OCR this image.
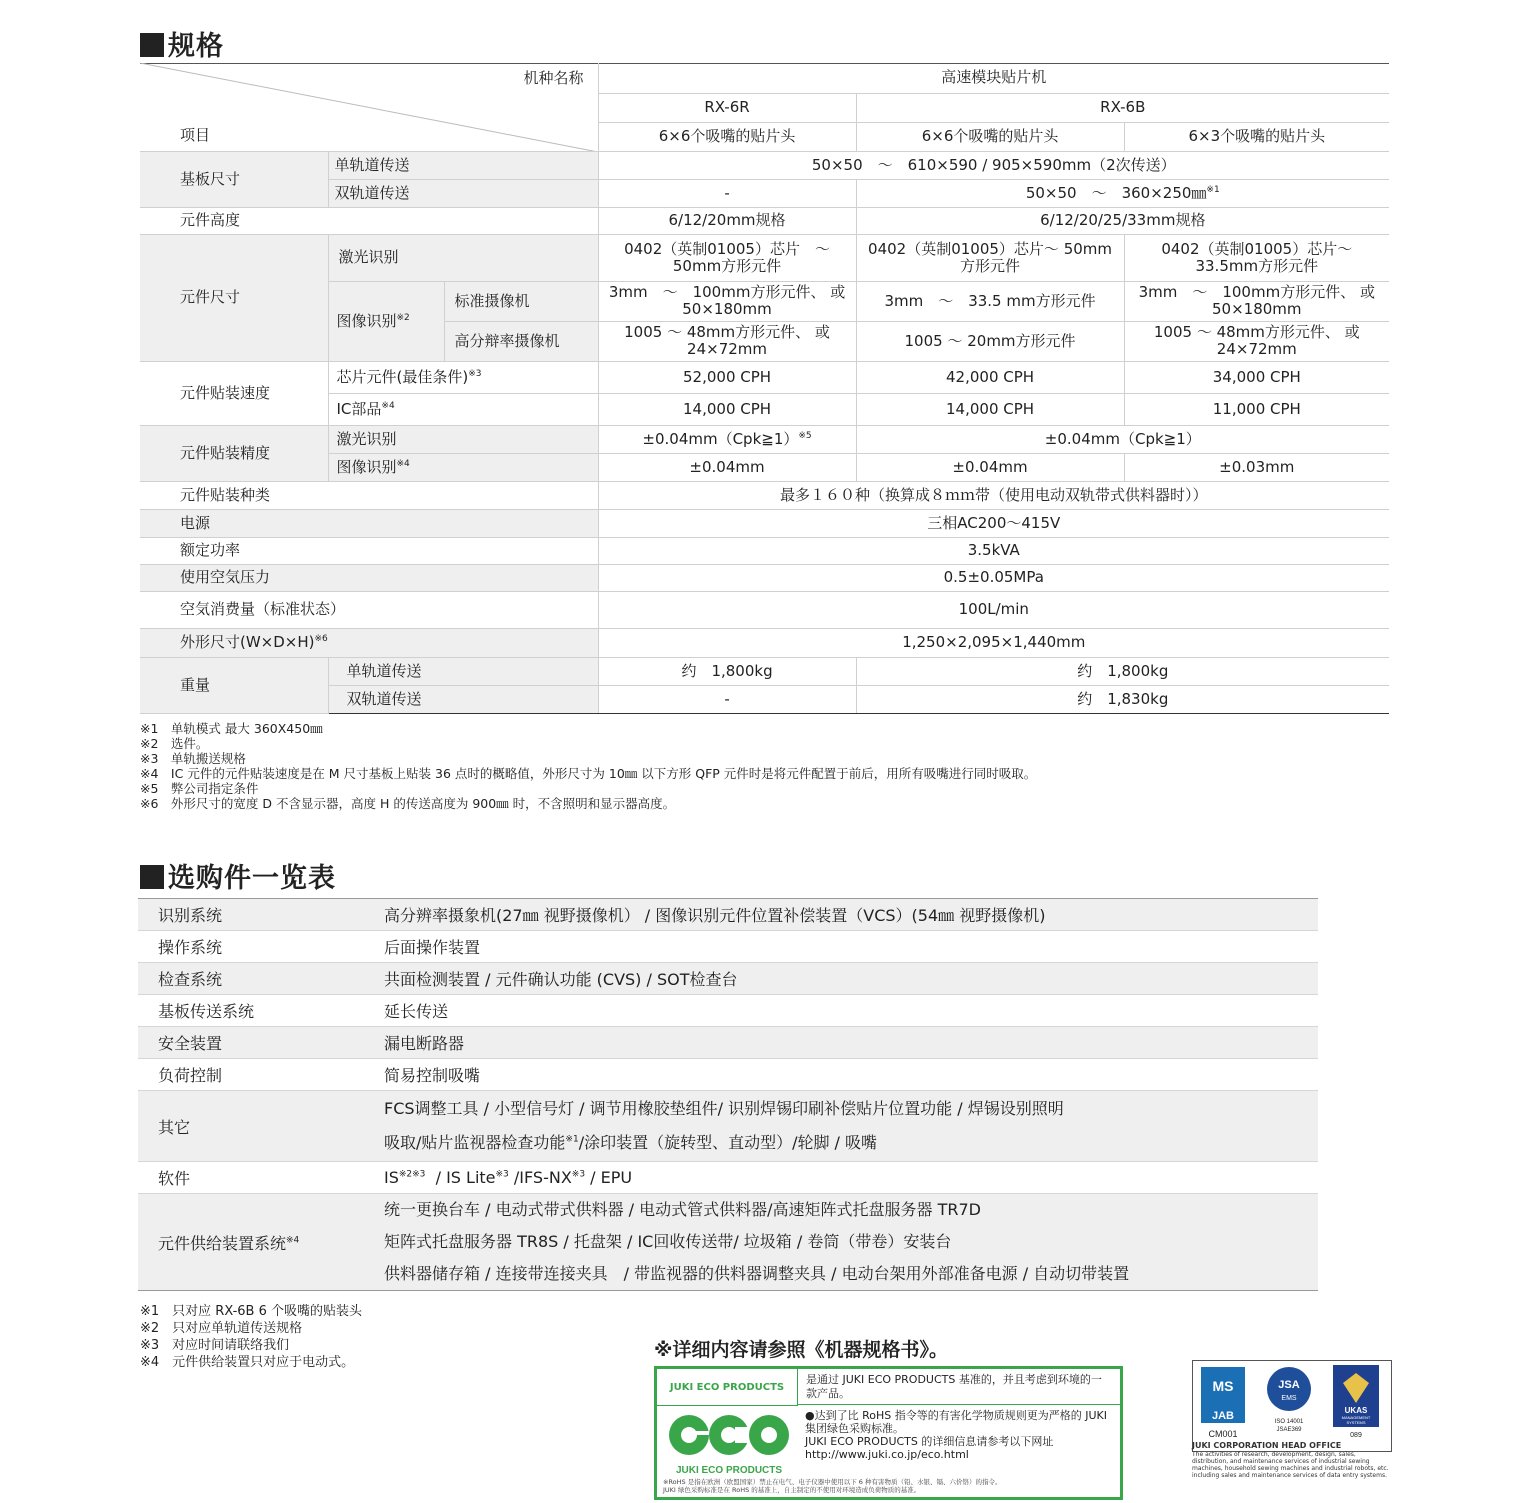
规格
机种名称
项目			高速模块贴片机		
			RX-6R	RX-6B	
			6×6个吸嘴的贴片头	6×6个吸嘴的贴片头	6×3个吸嘴的贴片头
基板尺寸	单轨道传送		50×50　～　610×590 / 905×590mm（2次传送）		
	双轨道传送		-	50×50　～　360×250㎜$^{※1}$
元件高度			6/12/20mm规格	6/12/20/25/33mm规格	
元件尺寸	激光识别		0402（英制01005）芯片　～ 50mm方形元件	0402（英制01005）芯片～ 50mm方形元件	0402（英制01005）芯片～ 33.5mm方形元件
	图像识别$^{※2}$	标准摄像机	3mm　～　100mm方形元件、 或 50×180mm	3mm　～　33.5 mm方形元件	3mm　～　100mm方形元件、 或 50×180mm
		高分辩率摄像机	1005 ～ 48mm方形元件、 或 24×72mm	1005 ～ 20mm方形元件	1005 ～ 48mm方形元件、 或 24×72mm
元件贴装速度	芯片元件(最佳条件)$^{※3}$		52,000 CPH	42,000 CPH	34,000 CPH
	IC部品$^{※4}$		14,000 CPH	14,000 CPH	11,000 CPH
元件贴装精度	激光识别		±0.04mm（Cpk≧1）$^{※5}$	±0.04mm（Cpk≧1）	
	图像识别$^{※4}$		±0.04mm	±0.04mm	±0.03mm
元件贴装种类			最多１６０种（换算成８ｍｍ带（使用电动双轨带式供料器时））		
电源			三相AC200～415V		
额定功率			3.5kVA		
使用空気压力			0.5±0.05MPa		
空気消费量（标准状态）			100L/min		
外形尺寸$(W\times D\times H)^{※6}$			1,250×2,095×1,440mm		
重量	单轨道传送		约　1,800kg	约　1,800kg	
	双轨道传送		-	约　1,830kg	
※1　单轨模式 最大 360X450㎜
※2　选件。
※3　单轨搬送规格
※4　IC 元件的元件贴装速度是在 M 尺寸基板上贴装 36 点时的概略值，外形尺寸为 10㎜ 以下方形 QFP 元件时是将元件配置于前后，用所有吸嘴进行同时吸取。
※5　弊公司指定条件
※6　外形尺寸的宽度 D 不含显示器，高度 H 的传送高度为 900㎜ 时，不含照明和显示器高度。
选购件一览表
识别系统	高分辨率摄象机(27㎜ 视野摄像机） / 图像识别元件位置补偿装置（VCS）(54㎜ 视野摄像机)
操作系统	后面操作装置
检查系统	共面检测装置 / 元件确认功能 (CVS) / SOT检查台
基板传送系统	延长传送
安全装置	漏电断路器
负荷控制	简易控制吸嘴
其它	FCS调整工具 / 小型信号灯 / 调节用橡胶垫组件/ 识别焊锡印刷补偿贴片位置功能 / 焊锡设别照明
吸取/贴片监视器检查功能$^{※1}$/涂印装置（旋转型、直动型）/轮脚 / 吸嘴

软件	$IS^{※2※3}$ / IS Lite$^{※3}$ /IFS-NX$^{※3}$ / EPU
元件供给装置系统$^{※4}$	统一更换台车 / 电动式带式供料器 / 电动式管式供料器/高速矩阵式托盘服务器 TR7D
矩阵式托盘服务器 TR8S / 托盘架 / IC回收传送带/ 垃圾箱 / 卷筒（带卷）安装台
供料器储存箱 / 连接带连接夹具　/ 带监视器的供料器调整夹具 / 电动台架用外部准备电源 / 自动切带装置
※1　只对应 RX-6B 6 个吸嘴的贴装头
※2　只对应单轨道传送规格
※3　对应时间请联络我们
※4　元件供给装置只对应于电动式。
※详细内容请参照《机器规格书》。
JUKI ECO PRODUCTS
是通过 JUKI ECO PRODUCTS 基准的，并且考虑到环境的一款产品。
JUKI ECO PRODUCTS
●达到了比 RoHS 指令等的有害化学物质规则更为严格的 JUKI 集团绿色采购标准。
JUKI ECO PRODUCTS 的详细信息请参考以下网址
http://www.juki.co.jp/eco.html
※RoHS 是指在欧洲（欧盟国家）禁止在电气、电子仪器中使用以下 6 种有害物质（铅、水银、镉、六价铬）的指令。
JUKI 绿色采购标准是在 RoHS 的基准上，自主制定的不使用对环境造成负荷物质的基准。
MS
JAB
CM001
JSA
EMS
ISO 14001
JSAE369
UKAS
MANAGEMENT
SYSTEMS
089
JUKI CORPORATION HEAD OFFICE
The activities of research, development, design, sales, distribution, and maintenance services of industrial sewing machines, household sewing machines and industrial robots, etc. including sales and maintenance services of data entry systems.
